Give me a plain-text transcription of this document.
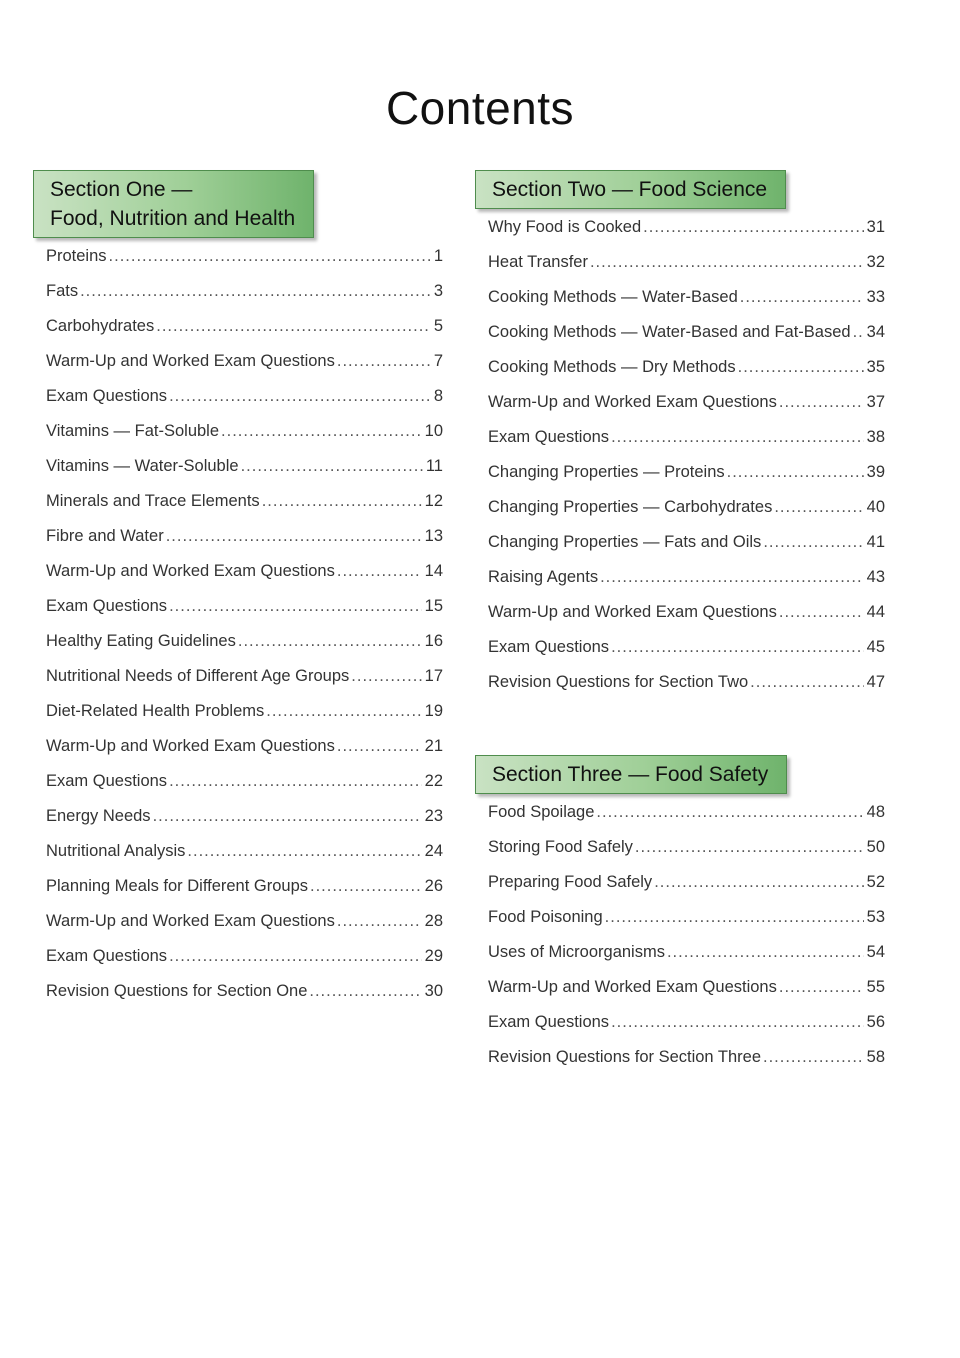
Contents
Section One —
Food, Nutrition and Health
Proteins .....	1
Fats .....	3
Carbohydrates .....	5
Warm-Up and Worked Exam Questions .....	7
Exam Questions .....	8
Vitamins — Fat-Soluble .....	10
Vitamins — Water-Soluble .....	11
Minerals and Trace Elements .....	12
Fibre and Water .....	13
Warm-Up and Worked Exam Questions .....	14
Exam Questions .....	15
Healthy Eating Guidelines .....	16
Nutritional Needs of Different Age Groups .....	17
Diet-Related Health Problems .....	19
Warm-Up and Worked Exam Questions .....	21
Exam Questions .....	22
Energy Needs .....	23
Nutritional Analysis .....	24
Planning Meals for Different Groups .....	26
Warm-Up and Worked Exam Questions .....	28
Exam Questions .....	29
Revision Questions for Section One .....	30
Section Two — Food Science
Why Food is Cooked .....	31
Heat Transfer .....	32
Cooking Methods — Water-Based .....	33
Cooking Methods — Water-Based and Fat-Based ..... 34
Cooking Methods — Dry Methods .....	35
Warm-Up and Worked Exam Questions .....	37
Exam Questions .....	38
Changing Properties — Proteins .....	39
Changing Properties — Carbohydrates .....	40
Changing Properties — Fats and Oils .....	41
Raising Agents .....	43
Warm-Up and Worked Exam Questions .....	44
Exam Questions .....	45
Revision Questions for Section Two .....	47
Section Three — Food Safety
Food Spoilage .....	48
Storing Food Safely .....	50
Preparing Food Safely .....	52
Food Poisoning .....	53
Uses of Microorganisms .....	54
Warm-Up and Worked Exam Questions .....	55
Exam Questions .....	56
Revision Questions for Section Three .....	58
